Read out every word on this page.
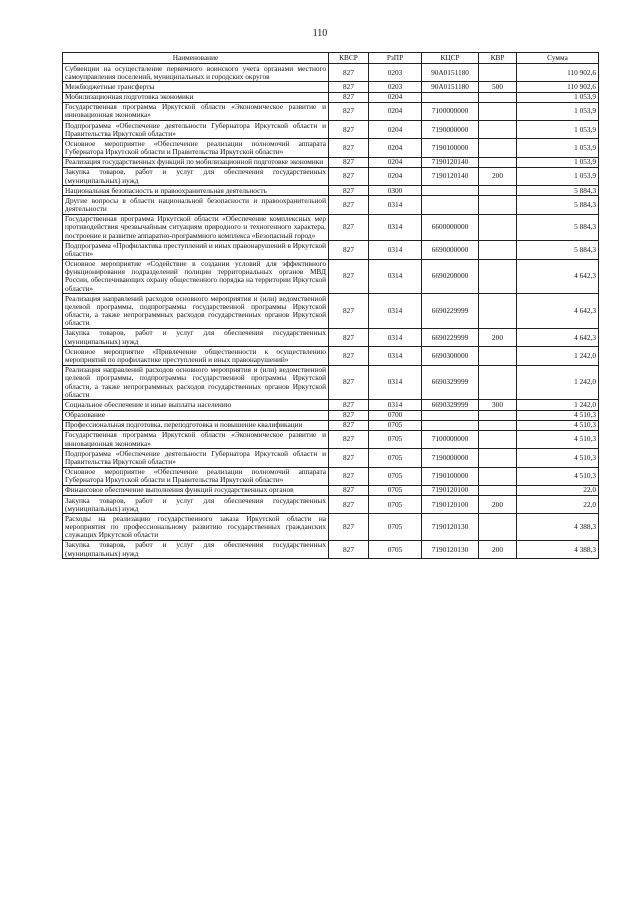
110
Наименование	КВСР	РзПР	КЦСР	КВР	Сумма
Субвенции на осуществление первичного воинского учета органами местного самоуправления поселений, муниципальных и городских округов	827	0203	90А0151180		110 902,6
Межбюджетные трансферты	827	0203	90А0151180	500	110 902,6
Мобилизационная подготовка экономики	827	0204			1 053,9
Государственная программа Иркутской области «Экономическое развитие и инновационная экономика»	827	0204	7100000000		1 053,9
Подпрограмма «Обеспечение деятельности Губернатора Иркутской области и Правительства Иркутской области»	827	0204	7190000000		1 053,9
Основное мероприятие «Обеспечение реализации полномочий аппарата Губернатора Иркутской области и Правительства Иркутской области»	827	0204	7190100000		1 053,9
Реализация государственных функций по мобилизационной подготовке экономики	827	0204	7190120140		1 053,9
Закупка товаров, работ и услуг для обеспечения государственных (муниципальных) нужд	827	0204	7190120140	200	1 053,9
Национальная безопасность и правоохранительная деятельность	827	0300			5 884,3
Другие вопросы в области национальной безопасности и правоохранительной деятельности	827	0314			5 884,3
Государственная программа Иркутской области «Обеспечение комплексных мер противодействия чрезвычайным ситуациям природного и техногенного характера, построение и развитие аппаратно-программного комплекса «Безопасный город»	827	0314	6600000000		5 884,3
Подпрограмма «Профилактика преступлений и иных правонарушений в Иркутской области»	827	0314	6690000000		5 884,3
Основное мероприятие «Содействие в создании условий для эффективного функционирования подразделений полиции территориальных органов МВД России, обеспечивающих охрану общественного порядка на территории Иркутской области»	827	0314	6690200000		4 642,3
Реализация направлений расходов основного мероприятия и (или) ведомственной целевой программы, подпрограммы государственной программы Иркутской области, а также непрограммных расходов государственных органов Иркутской области	827	0314	6690229999		4 642,3
Закупка товаров, работ и услуг для обеспечения государственных (муниципальных) нужд	827	0314	6690229999	200	4 642,3
Основное мероприятие «Привлечение общественности к осуществлению мероприятий по профилактике преступлений и иных правонарушений»	827	0314	6690300000		1 242,0
Реализация направлений расходов основного мероприятия и (или) ведомственной целевой программы, подпрограммы государственной программы Иркутской области, а также непрограммных расходов государственных органов Иркутской области	827	0314	6690329999		1 242,0
Социальное обеспечение и иные выплаты населению	827	0314	6690329999	300	1 242,0
Образование	827	0700			4 510,3
Профессиональная подготовка, переподготовка и повышение квалификации	827	0705			4 510,3
Государственная программа Иркутской области «Экономическое развитие и инновационная экономика»	827	0705	7100000000		4 510,3
Подпрограмма «Обеспечение деятельности Губернатора Иркутской области и Правительства Иркутской области»	827	0705	7190000000		4 510,3
Основное мероприятие «Обеспечение реализации полномочий аппарата Губернатора Иркутской области и Правительства Иркутской области»	827	0705	7190100000		4 510,3
Финансовое обеспечение выполнения функций государственных органов	827	0705	7190120100		22,0
Закупка товаров, работ и услуг для обеспечения государственных (муниципальных) нужд	827	0705	7190120100	200	22,0
Расходы на реализацию государственного заказа Иркутской области на мероприятия по профессиональному развитию государственных гражданских служащих Иркутской области	827	0705	7190120130		4 388,3
Закупка товаров, работ и услуг для обеспечения государственных (муниципальных) нужд	827	0705	7190120130	200	4 388,3
